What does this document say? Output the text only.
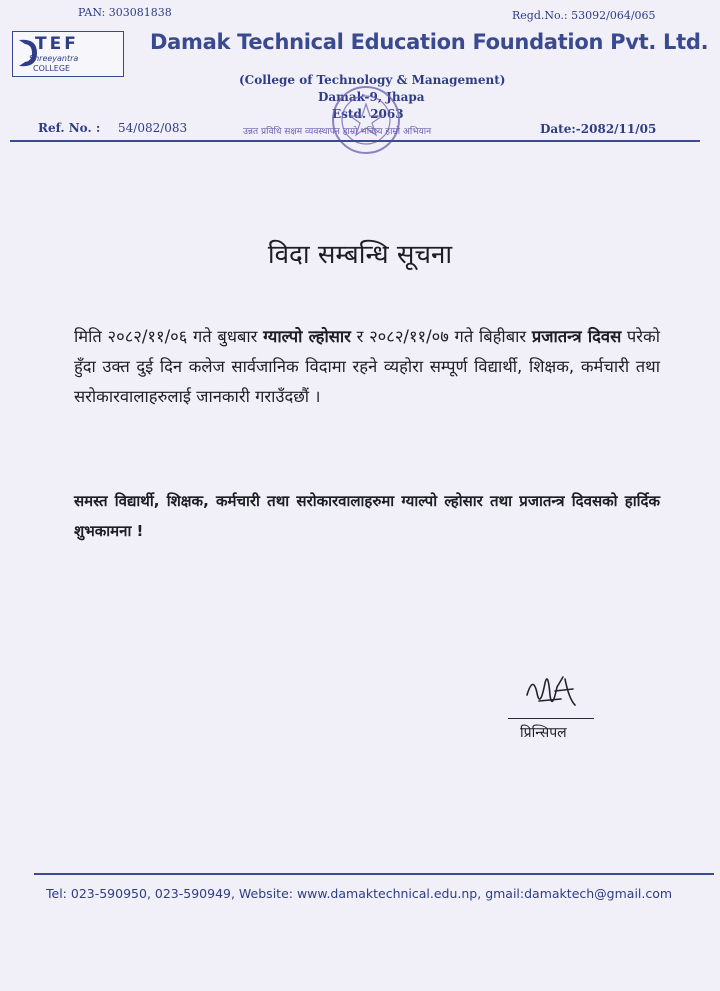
PAN: 303081838	Regd.No.: 53092/064/065
TEF
Shreeyantra
COLLEGE
Damak Technical Education Foundation Pvt. Ltd.
(College of Technology & Management)
Damak-9, Jhapa
Estd. 2063
Ref. No. : 54/082/083	उन्नत प्रविधि सक्षम व्यवस्थापन हाम्रो भविष्य हाम्रो अभियान	Date:-2082/11/05
विदा सम्बन्धि सूचना
मिति २०८२/११/०६ गते बुधबार ग्याल्पो ल्होसार र २०८२/११/०७ गते बिहीबार प्रजातन्त्र दिवस परेको हुँदा उक्त दुई दिन कलेज सार्वजानिक विदामा रहने व्यहोरा सम्पूर्ण विद्यार्थी, शिक्षक, कर्मचारी तथा सरोकारवालाहरुलाई जानकारी गराउँदछौं ।
समस्त विद्यार्थी, शिक्षक, कर्मचारी तथा सरोकारवालाहरुमा ग्याल्पो ल्होसार तथा प्रजातन्त्र दिवसको हार्दिक शुभकामना !
प्रिन्सिपल
Tel: 023-590950, 023-590949, Website: www.damaktechnical.edu.np, gmail:damaktech@gmail.com
